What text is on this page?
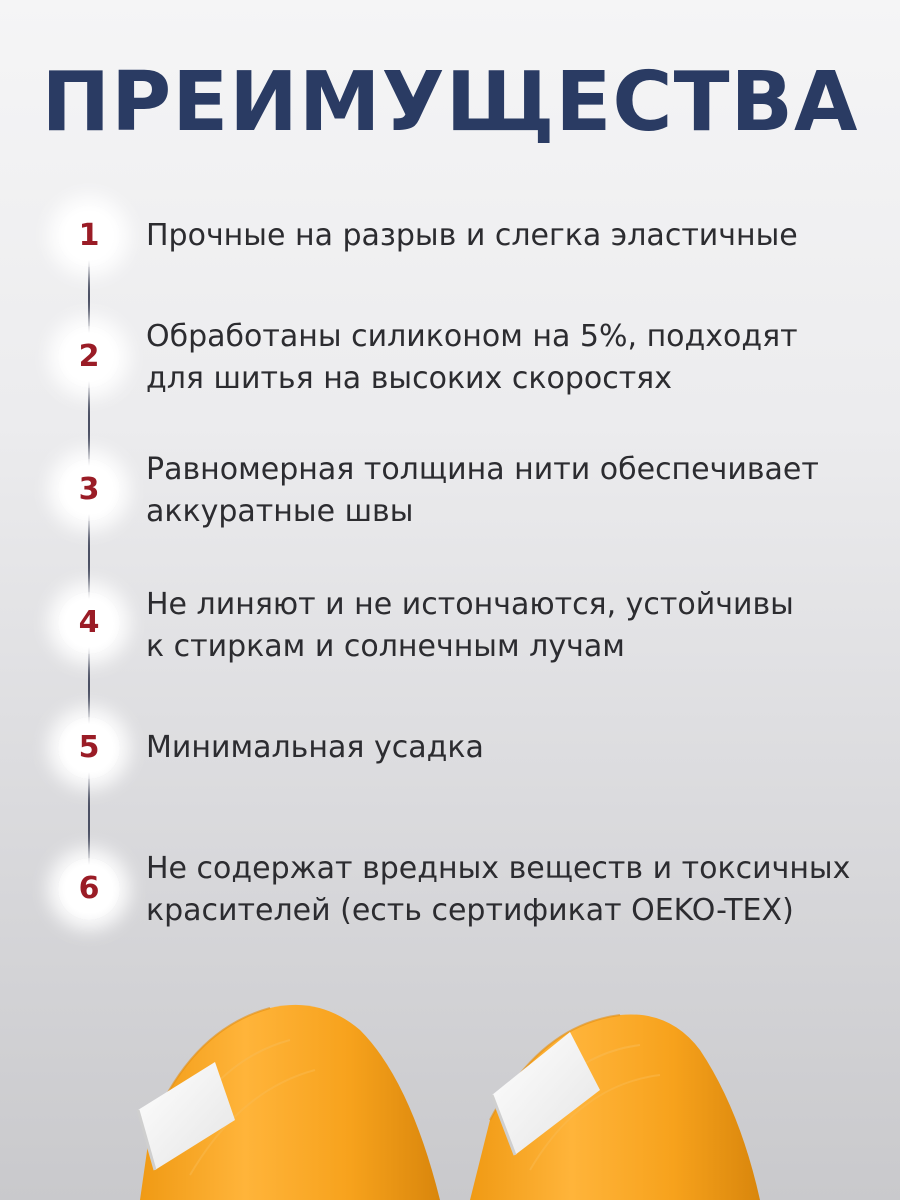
ПРЕИМУЩЕСТВА
1	Прочные на разрыв и слегка эластичные
2
Обработаны силиконом на 5%, подходят
для шитья на высоких скоростях
3
Равномерная толщина нити обеспечивает
аккуратные швы
4
Не линяют и не истончаются, устойчивы
к стиркам и солнечным лучам
5	Минимальная усадка
6
Не содержат вредных веществ и токсичных
красителей (есть сертификат OEKO-TEX)
